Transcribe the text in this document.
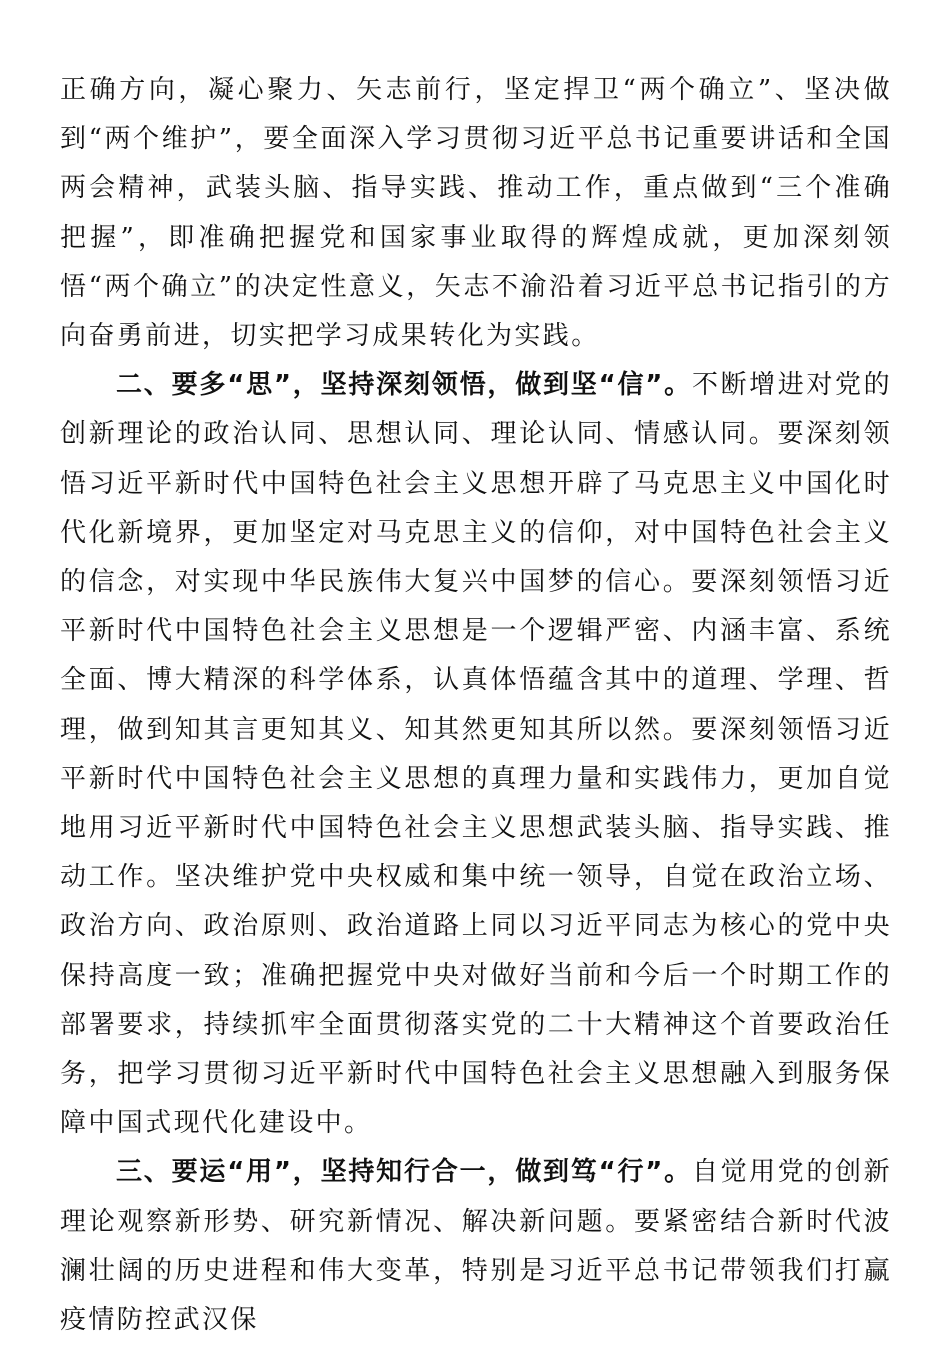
正确方向，凝心聚力、矢志前行，坚定捍卫“两个确立”、坚决做到“两个维护”，要全面深入学习贯彻习近平总书记重要讲话和全国两会精神，武装头脑、指导实践、推动工作，重点做到“三个准确把握”，即准确把握党和国家事业取得的辉煌成就，更加深刻领悟“两个确立”的决定性意义，矢志不渝沿着习近平总书记指引的方向奋勇前进，切实把学习成果转化为实践。

二、要多“思”，坚持深刻领悟，做到坚“信”。不断增进对党的创新理论的政治认同、思想认同、理论认同、情感认同。要深刻领悟习近平新时代中国特色社会主义思想开辟了马克思主义中国化时代化新境界，更加坚定对马克思主义的信仰，对中国特色社会主义的信念，对实现中华民族伟大复兴中国梦的信心。要深刻领悟习近平新时代中国特色社会主义思想是一个逻辑严密、内涵丰富、系统全面、博大精深的科学体系，认真体悟蕴含其中的道理、学理、哲理，做到知其言更知其义、知其然更知其所以然。要深刻领悟习近平新时代中国特色社会主义思想的真理力量和实践伟力，更加自觉地用习近平新时代中国特色社会主义思想武装头脑、指导实践、推动工作。坚决维护党中央权威和集中统一领导，自觉在政治立场、政治方向、政治原则、政治道路上同以习近平同志为核心的党中央保持高度一致；准确把握党中央对做好当前和今后一个时期工作的部署要求，持续抓牢全面贯彻落实党的二十大精神这个首要政治任务，把学习贯彻习近平新时代中国特色社会主义思想融入到服务保障中国式现代化建设中。

三、要运“用”，坚持知行合一，做到笃“行”。自觉用党的创新理论观察新形势、研究新情况、解决新问题。要紧密结合新时代波澜壮阔的历史进程和伟大变革，特别是习近平总书记带领我们打赢疫情防控武汉保
